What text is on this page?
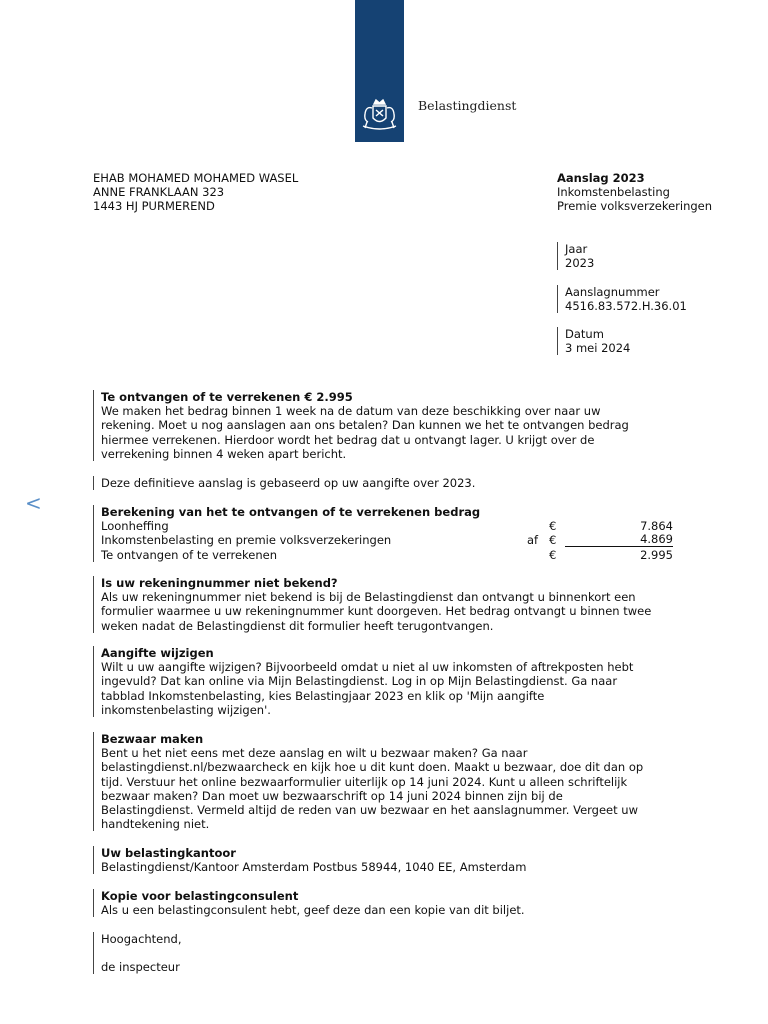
Belastingdienst
EHAB MOHAMED MOHAMED WASEL
ANNE FRANKLAAN 323
1443 HJ PURMEREND
Aanslag 2023
Inkomstenbelasting
Premie volksverzekeringen
Jaar
2023
Aanslagnummer
4516.83.572.H.36.01
Datum
3 mei 2024

Te ontvangen of te verrekenen € 2.995

We maken het bedrag binnen 1 week na de datum van deze beschikking over naar uw

rekening. Moet u nog aanslagen aan ons betalen? Dan kunnen we het te ontvangen bedrag

hiermee verrekenen. Hierdoor wordt het bedrag dat u ontvangt lager. U krijgt over de

verrekening binnen 4 weken apart bericht.

Deze definitieve aanslag is gebaseerd op uw aangifte over 2023.

<	Berekening van het te ontvangen of te verrekenen bedrag

Loonheffing	€	7.864
Inkomstenbelasting en premie volksverzekeringen	af €	4.869
Te ontvangen of te verrekenen	€	2.995

Is uw rekeningnummer niet bekend?

Als uw rekeningnummer niet bekend is bij de Belastingdienst dan ontvangt u binnenkort een

formulier waarmee u uw rekeningnummer kunt doorgeven. Het bedrag ontvangt u binnen twee

weken nadat de Belastingdienst dit formulier heeft terugontvangen.

Aangifte wijzigen

Wilt u uw aangifte wijzigen? Bijvoorbeeld omdat u niet al uw inkomsten of aftrekposten hebt

ingevuld? Dat kan online via Mijn Belastingdienst. Log in op Mijn Belastingdienst. Ga naar

tabblad Inkomstenbelasting, kies Belastingjaar 2023 en klik op 'Mijn aangifte

inkomstenbelasting wijzigen'.

Bezwaar maken

Bent u het niet eens met deze aanslag en wilt u bezwaar maken? Ga naar

belastingdienst.nl/bezwaarcheck en kijk hoe u dit kunt doen. Maakt u bezwaar, doe dit dan op

tijd. Verstuur het online bezwaarformulier uiterlijk op 14 juni 2024. Kunt u alleen schriftelijk

bezwaar maken? Dan moet uw bezwaarschrift op 14 juni 2024 binnen zijn bij de

Belastingdienst. Vermeld altijd de reden van uw bezwaar en het aanslagnummer. Vergeet uw

handtekening niet.

Uw belastingkantoor

Belastingdienst/Kantoor Amsterdam Postbus 58944, 1040 EE, Amsterdam

Kopie voor belastingconsulent

Als u een belastingconsulent hebt, geef deze dan een kopie van dit biljet.

Hoogachtend,

de inspecteur
